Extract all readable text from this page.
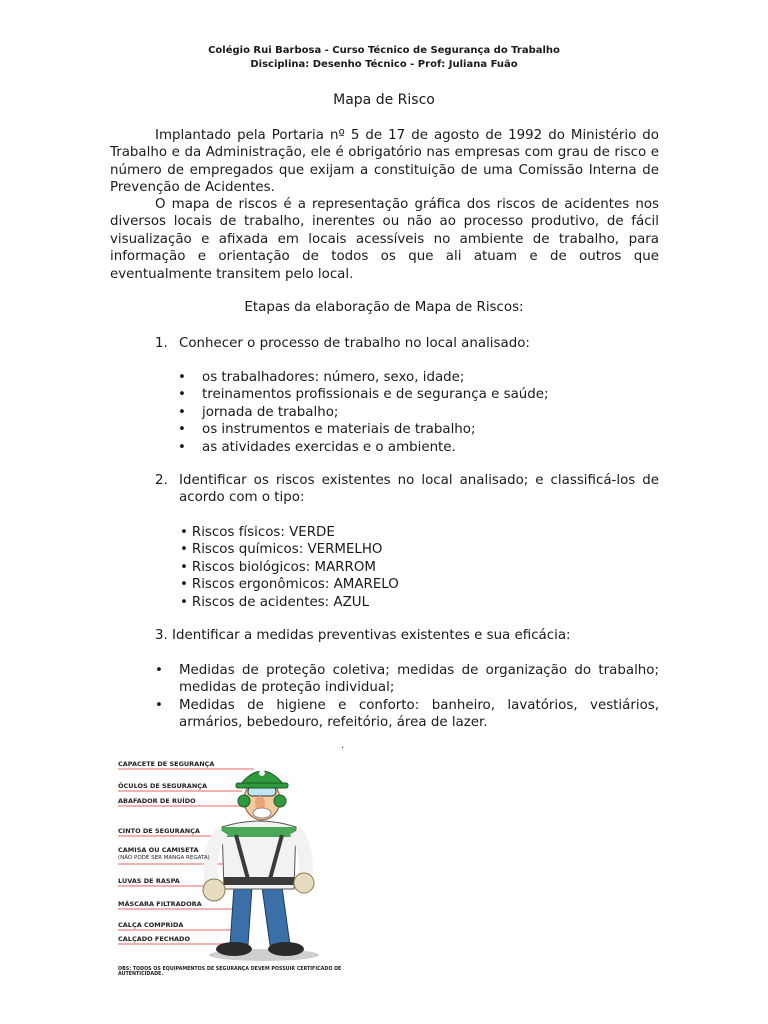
Colégio Rui Barbosa - Curso Técnico de Segurança do Trabalho
Disciplina: Desenho Técnico - Prof: Juliana Fuão
Mapa de Risco

Implantado pela Portaria nº 5 de 17 de agosto de 1992 do Ministério do Trabalho e da Administração, ele é obrigatório nas empresas com grau de risco e número de empregados que exijam a constituição de uma Comissão Interna de Prevenção de Acidentes.

O mapa de riscos é a representação gráfica dos riscos de acidentes nos diversos locais de trabalho, inerentes ou não ao processo produtivo, de fácil visualização e afixada em locais acessíveis no ambiente de trabalho, para informação e orientação de todos os que ali atuam e de outros que eventualmente transitem pelo local.

Etapas da elaboração de Mapa de Riscos:
1. Conhecer o processo de trabalho no local analisado:
• os trabalhadores: número, sexo, idade;
• treinamentos profissionais e de segurança e saúde;
• jornada de trabalho;
• os instrumentos e materiais de trabalho;
• as atividades exercidas e o ambiente.
2. Identificar os riscos existentes no local analisado; e classificá-los de acordo com o tipo:
• Riscos físicos: VERDE
• Riscos químicos: VERMELHO
• Riscos biológicos: MARROM
• Riscos ergonômicos: AMARELO
• Riscos de acidentes: AZUL
3. Identificar a medidas preventivas existentes e sua eficácia:
• Medidas de proteção coletiva; medidas de organização do trabalho; medidas de proteção individual;
• Medidas de higiene e conforto: banheiro, lavatórios, vestiários, armários, bebedouro, refeitório, área de lazer.
.
CAPACETE DE SEGURANÇA
ÓCULOS DE SEGURANÇA
ABAFADOR DE RUÍDO
CINTO DE SEGURANÇA
CAMISA OU CAMISETA
(NÃO PODE SER MANGA REGATA)
LUVAS DE RASPA
MÁSCARA FILTRADORA
CALÇA COMPRIDA
CALÇADO FECHADO
OBS: TODOS OS EQUIPAMENTOS DE SEGURANÇA DEVEM POSSUIR CERTIFICADO DE AUTENTICIDADE.
